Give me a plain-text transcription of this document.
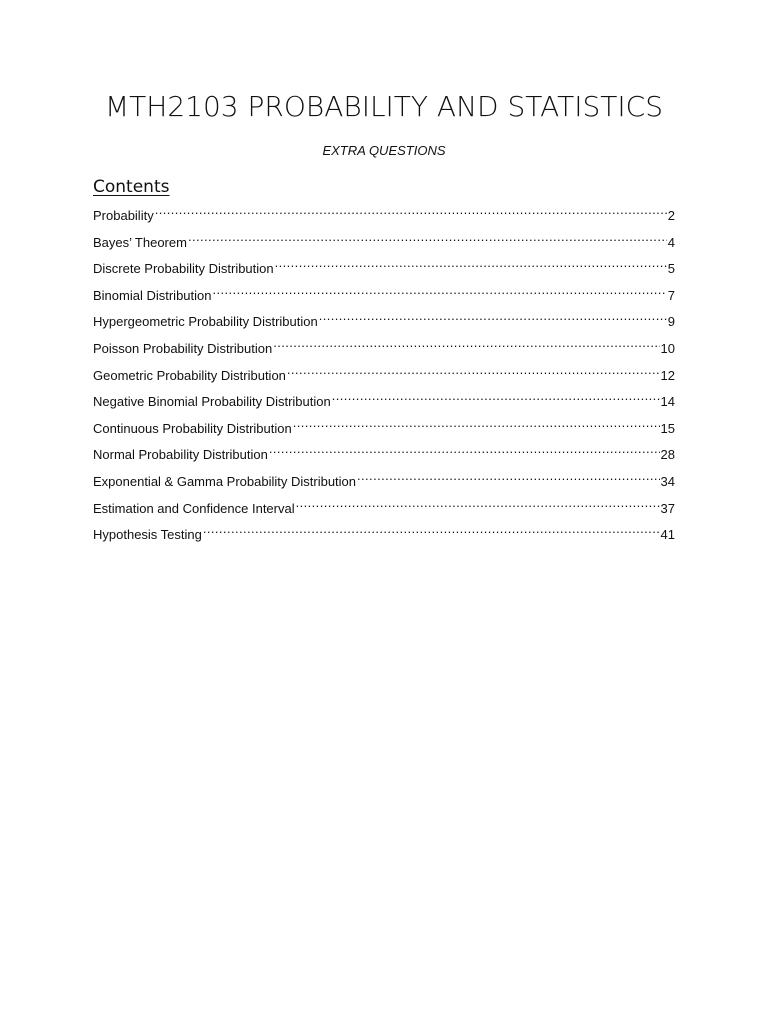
MTH2103 PROBABILITY AND STATISTICS
EXTRA QUESTIONS
Contents
Probability .....	2
Bayes’ Theorem .....	4
Discrete Probability Distribution .....	5
Binomial Distribution .....	7
Hypergeometric Probability Distribution .....	9
Poisson Probability Distribution .....	10
Geometric Probability Distribution .....	12
Negative Binomial Probability Distribution .....	14
Continuous Probability Distribution .....	15
Normal Probability Distribution .....	28
Exponential & Gamma Probability Distribution .....	34
Estimation and Confidence Interval .....	37
Hypothesis Testing .....	41
